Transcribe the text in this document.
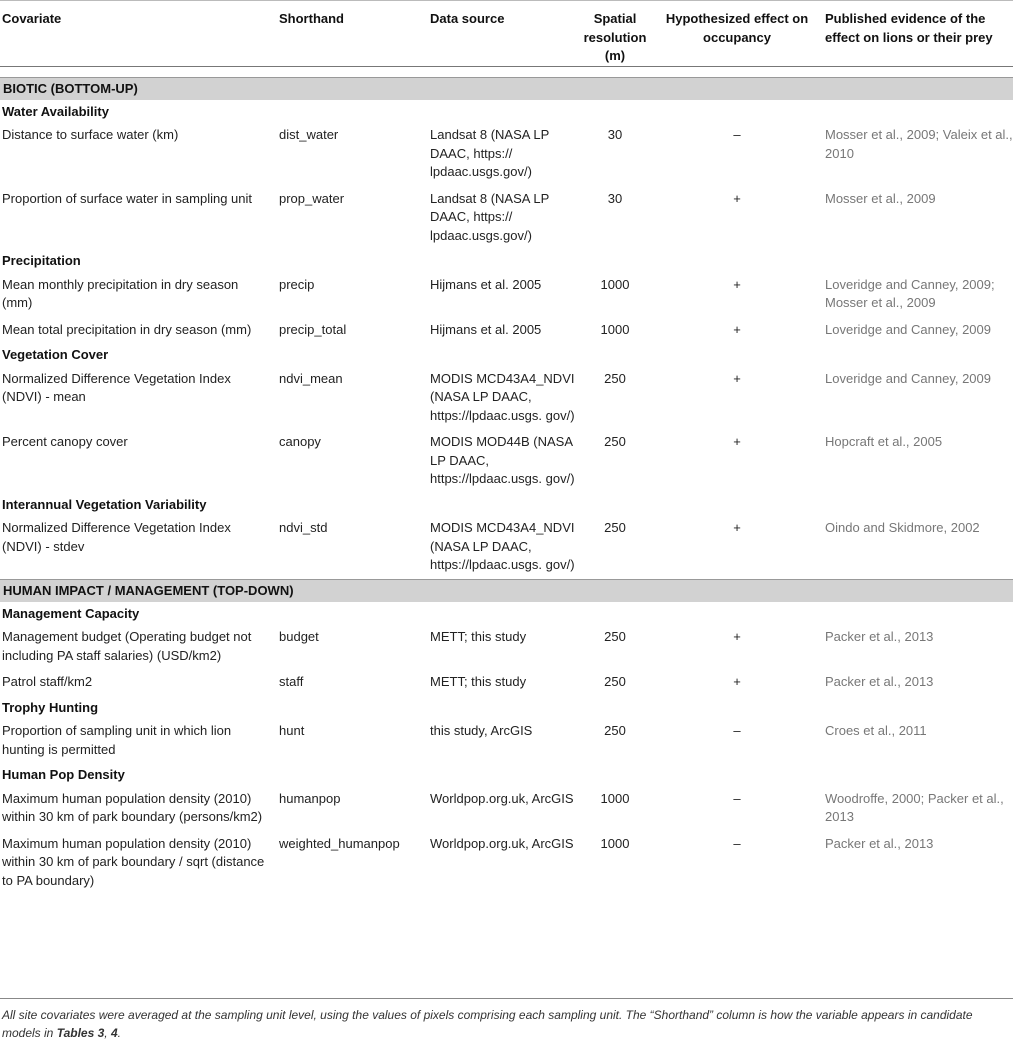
Covariate	Shorthand	Data source	Spatial resolution (m)	Hypothesized effect on occupancy	Published evidence of the effect on lions or their prey

BIOTIC (BOTTOM-UP)					
Water Availability					
Distance to surface water (km)	dist_water	Landsat 8 (NASA LP DAAC, https:// lpdaac.usgs.gov/)	30	–	Mosser et al., 2009; Valeix et al., 2010
Proportion of surface water in sampling unit	prop_water	Landsat 8 (NASA LP DAAC, https:// lpdaac.usgs.gov/)	30	+	Mosser et al., 2009
Precipitation					
Mean monthly precipitation in dry season (mm)	precip	Hijmans et al. 2005	1000	+	Loveridge and Canney, 2009; Mosser et al., 2009
Mean total precipitation in dry season (mm)	precip_total	Hijmans et al. 2005	1000	+	Loveridge and Canney, 2009
Vegetation Cover					
Normalized Difference Vegetation Index (NDVI) - mean	ndvi_mean	MODIS MCD43A4_NDVI (NASA LP DAAC, https://lpdaac.usgs. gov/)	250	+	Loveridge and Canney, 2009
Percent canopy cover	canopy	MODIS MOD44B (NASA LP DAAC, https://lpdaac.usgs. gov/)	250	+	Hopcraft et al., 2005
Interannual Vegetation Variability					
Normalized Difference Vegetation Index (NDVI) - stdev	ndvi_std	MODIS MCD43A4_NDVI (NASA LP DAAC, https://lpdaac.usgs. gov/)	250	+	Oindo and Skidmore, 2002
HUMAN IMPACT / MANAGEMENT (TOP-DOWN)					
Management Capacity					
Management budget (Operating budget not including PA staff salaries) (USD/km2)	budget	METT; this study	250	+	Packer et al., 2013
Patrol staff/km2	staff	METT; this study	250	+	Packer et al., 2013
Trophy Hunting					
Proportion of sampling unit in which lion hunting is permitted	hunt	this study, ArcGIS	250	–	Croes et al., 2011
Human Pop Density					
Maximum human population density (2010) within 30 km of park boundary (persons/km2)	humanpop	Worldpop.org.uk, ArcGIS	1000	–	Woodroffe, 2000; Packer et al., 2013
Maximum human population density (2010) within 30 km of park boundary / sqrt (distance to PA boundary)	weighted_humanpop	Worldpop.org.uk, ArcGIS	1000	–	Packer et al., 2013
All site covariates were averaged at the sampling unit level, using the values of pixels comprising each sampling unit. The “Shorthand” column is how the variable appears in candidate models in Tables 3, 4.
